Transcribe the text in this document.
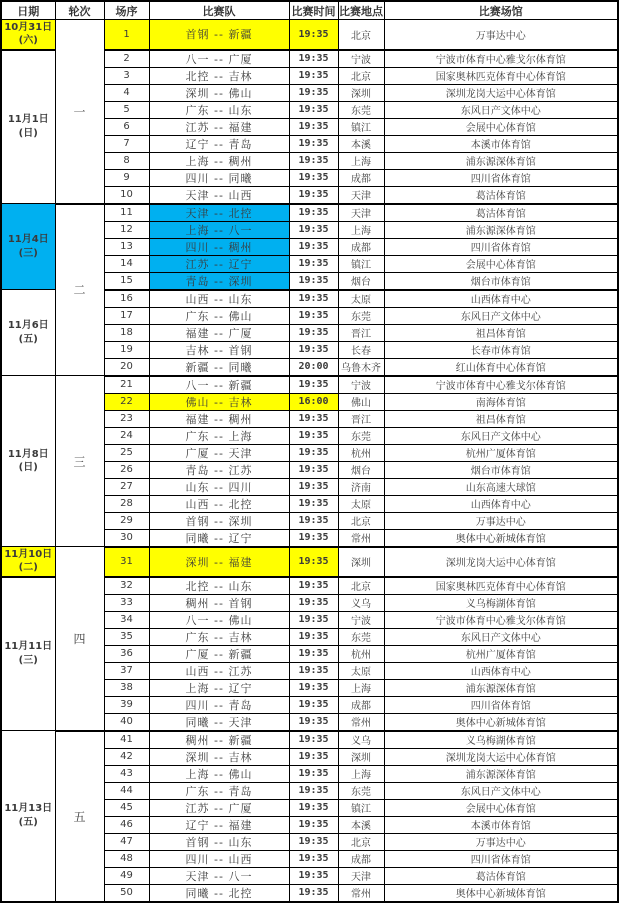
日期	轮次	场序	比赛队	比赛时间	比赛地点	比赛场馆

10月31日
(六)	一	1	首钢 -- 新疆	19:35	北京	万事达中心

11月1日
(日)		2	八一 -- 广厦	19:35	宁波	宁波市体育中心雅戈尔体育馆
		3	北控 -- 吉林	19:35	北京	国家奥林匹克体育中心体育馆
		4	深圳 -- 佛山	19:35	深圳	深圳龙岗大运中心体育馆
		5	广东 -- 山东	19:35	东莞	东风日产文体中心
		6	江苏 -- 福建	19:35	镇江	会展中心体育馆
		7	辽宁 -- 青岛	19:35	本溪	本溪市体育馆
		8	上海 -- 稠州	19:35	上海	浦东源深体育馆
		9	四川 -- 同曦	19:35	成都	四川省体育馆
		10	天津 -- 山西	19:35	天津	葛沽体育馆

11月4日
(三)	二	11	天津 -- 北控	19:35	天津	葛沽体育馆
		12	上海 -- 八一	19:35	上海	浦东源深体育馆
		13	四川 -- 稠州	19:35	成都	四川省体育馆
		14	江苏 -- 辽宁	19:35	镇江	会展中心体育馆
		15	青岛 -- 深圳	19:35	烟台	烟台市体育馆

11月6日
(五)		16	山西 -- 山东	19:35	太原	山西体育中心
		17	广东 -- 佛山	19:35	东莞	东风日产文体中心
		18	福建 -- 广厦	19:35	晋江	祖昌体育馆
		19	吉林 -- 首钢	19:35	长春	长春市体育馆
		20	新疆 -- 同曦	20:00	乌鲁木齐	红山体育中心体育馆

11月8日
(日)	三	21	八一 -- 新疆	19:35	宁波	宁波市体育中心雅戈尔体育馆
		22	佛山 -- 吉林	16:00	佛山	南海体育馆
		23	福建 -- 稠州	19:35	晋江	祖昌体育馆
		24	广东 -- 上海	19:35	东莞	东风日产文体中心
		25	广厦 -- 天津	19:35	杭州	杭州广厦体育馆
		26	青岛 -- 江苏	19:35	烟台	烟台市体育馆
		27	山东 -- 四川	19:35	济南	山东高速大球馆
		28	山西 -- 北控	19:35	太原	山西体育中心
		29	首钢 -- 深圳	19:35	北京	万事达中心
		30	同曦 -- 辽宁	19:35	常州	奥体中心新城体育馆

11月10日
(二)	四	31	深圳 -- 福建	19:35	深圳	深圳龙岗大运中心体育馆

11月11日
(三)		32	北控 -- 山东	19:35	北京	国家奥林匹克体育中心体育馆
		33	稠州 -- 首钢	19:35	义乌	义乌梅湖体育馆
		34	八一 -- 佛山	19:35	宁波	宁波市体育中心雅戈尔体育馆
		35	广东 -- 吉林	19:35	东莞	东风日产文体中心
		36	广厦 -- 新疆	19:35	杭州	杭州广厦体育馆
		37	山西 -- 江苏	19:35	太原	山西体育中心
		38	上海 -- 辽宁	19:35	上海	浦东源深体育馆
		39	四川 -- 青岛	19:35	成都	四川省体育馆
		40	同曦 -- 天津	19:35	常州	奥体中心新城体育馆

11月13日
(五)	五	41	稠州 -- 新疆	19:35	义乌	义乌梅湖体育馆
		42	深圳 -- 吉林	19:35	深圳	深圳龙岗大运中心体育馆
		43	上海 -- 佛山	19:35	上海	浦东源深体育馆
		44	广东 -- 青岛	19:35	东莞	东风日产文体中心
		45	江苏 -- 广厦	19:35	镇江	会展中心体育馆
		46	辽宁 -- 福建	19:35	本溪	本溪市体育馆
		47	首钢 -- 山东	19:35	北京	万事达中心
		48	四川 -- 山西	19:35	成都	四川省体育馆
		49	天津 -- 八一	19:35	天津	葛沽体育馆
		50	同曦 -- 北控	19:35	常州	奥体中心新城体育馆
